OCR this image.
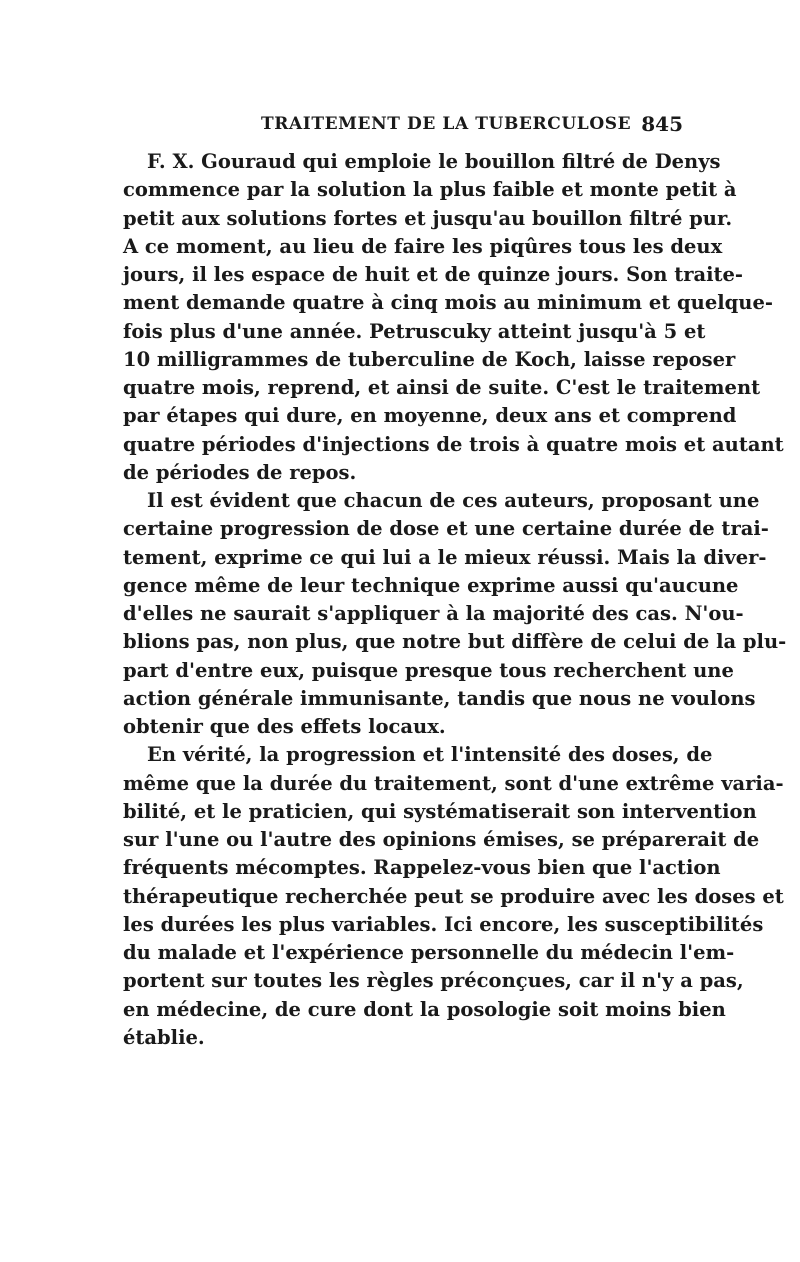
TRAITEMENT DE LA TUBERCULOSE 845
F. X. Gouraud qui emploie le bouillon filtré de Denys
commence par la solution la plus faible et monte petit à
petit aux solutions fortes et jusqu'au bouillon filtré pur.
A ce moment, au lieu de faire les piqûres tous les deux
jours, il les espace de huit et de quinze jours. Son traite-
ment demande quatre à cinq mois au minimum et quelque-
fois plus d'une année. Petruscuky atteint jusqu'à 5 et
10 milligrammes de tuberculine de Koch, laisse reposer
quatre mois, reprend, et ainsi de suite. C'est le traitement
par étapes qui dure, en moyenne, deux ans et comprend
quatre périodes d'injections de trois à quatre mois et autant
de périodes de repos.
Il est évident que chacun de ces auteurs, proposant une
certaine progression de dose et une certaine durée de trai-
tement, exprime ce qui lui a le mieux réussi. Mais la diver-
gence même de leur technique exprime aussi qu'aucune
d'elles ne saurait s'appliquer à la majorité des cas. N'ou-
blions pas, non plus, que notre but diffère de celui de la plu-
part d'entre eux, puisque presque tous recherchent une
action générale immunisante, tandis que nous ne voulons
obtenir que des effets locaux.
En vérité, la progression et l'intensité des doses, de
même que la durée du traitement, sont d'une extrême varia-
bilité, et le praticien, qui systématiserait son intervention
sur l'une ou l'autre des opinions émises, se préparerait de
fréquents mécomptes. Rappelez-vous bien que l'action
thérapeutique recherchée peut se produire avec les doses et
les durées les plus variables. Ici encore, les susceptibilités
du malade et l'expérience personnelle du médecin l'em-
portent sur toutes les règles préconçues, car il n'y a pas,
en médecine, de cure dont la posologie soit moins bien
établie.
